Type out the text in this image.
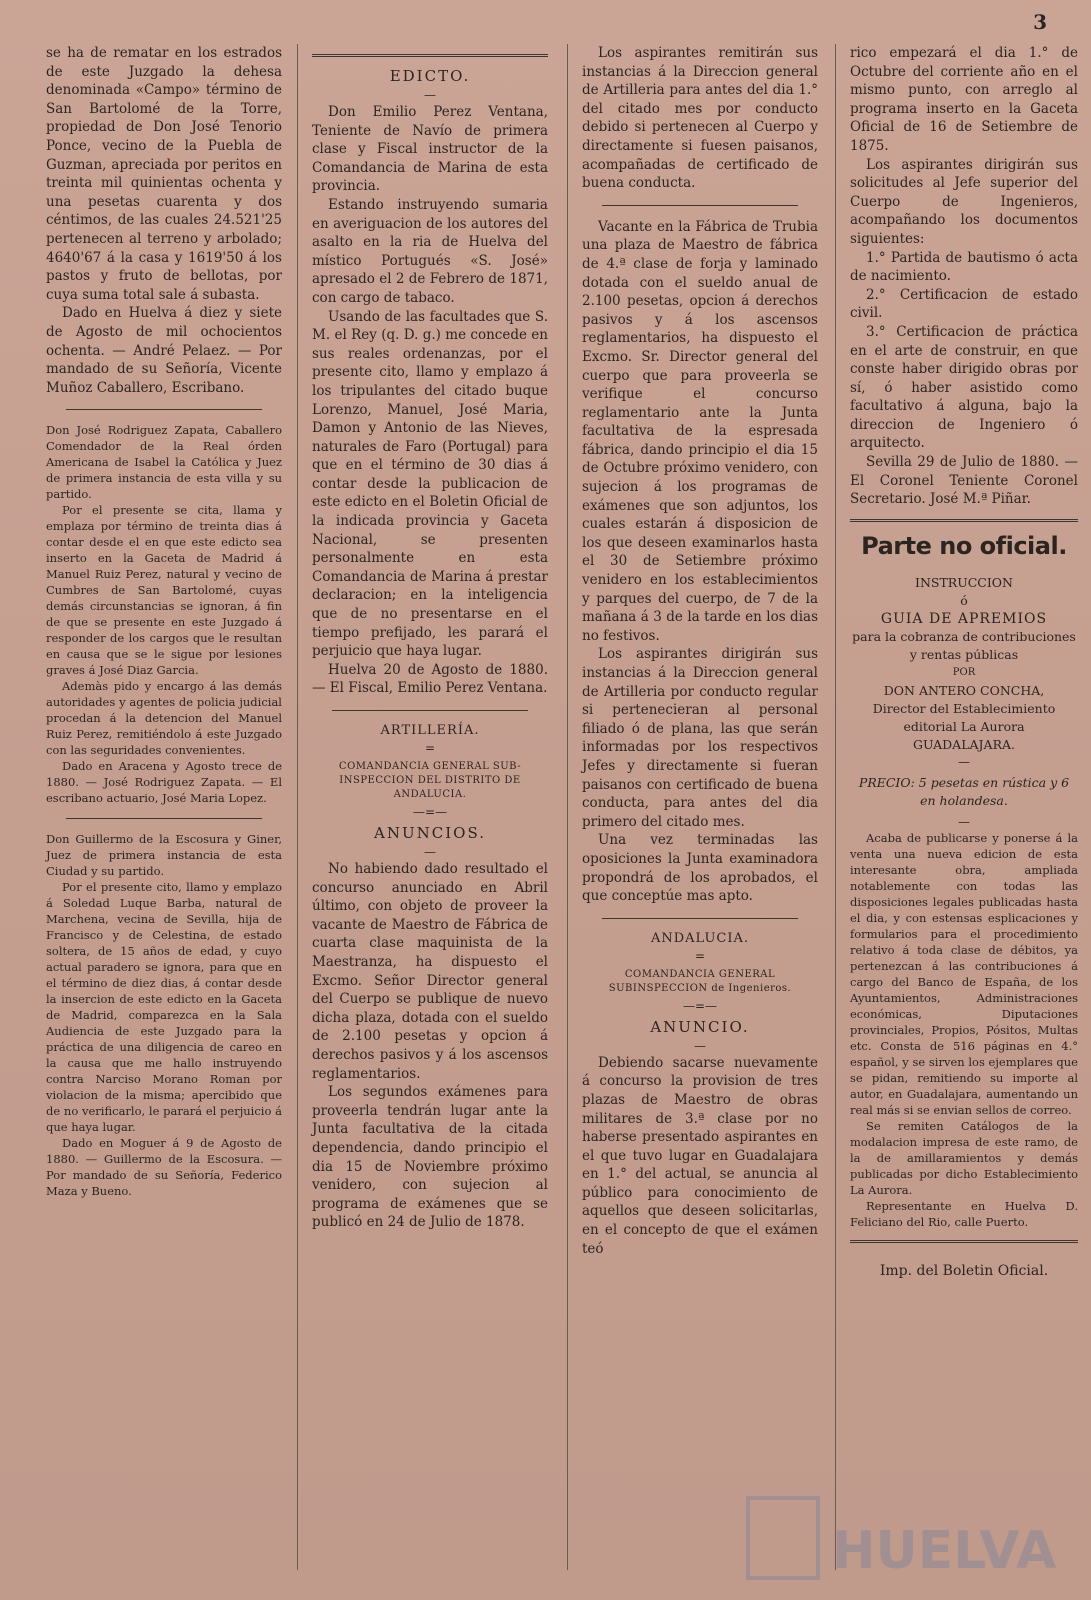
3

se ha de rematar en los estrados de este Juzgado la dehesa denominada «Campo» término de San Bartolomé de la Torre, propiedad de Don José Tenorio Ponce, vecino de la Puebla de Guzman, apreciada por peritos en treinta mil quinientas ochenta y una pesetas cuarenta y dos céntimos, de las cuales 24.521'25 pertenecen al terreno y arbolado; 4640'67 á la casa y 1619'50 á los pastos y fruto de bellotas, por cuya suma total sale á subasta.

Dado en Huelva á diez y siete de Agosto de mil ochocientos ochenta. — André Pelaez. — Por mandado de su Señoría, Vicente Muñoz Caballero, Escribano.

Don José Rodriguez Zapata, Caballero Comendador de la Real órden Americana de Isabel la Católica y Juez de primera instancia de esta villa y su partido.

Por el presente se cita, llama y emplaza por término de treinta dias á contar desde el en que este edicto sea inserto en la Gaceta de Madrid á Manuel Ruiz Perez, natural y vecino de Cumbres de San Bartolomé, cuyas demás circunstancias se ignoran, á fin de que se presente en este Juzgado á responder de los cargos que le resultan en causa que se le sigue por lesiones graves á José Diaz Garcia.

Ademàs pido y encargo á las demás autoridades y agentes de policia judicial procedan á la detencion del Manuel Ruiz Perez, remitiéndolo á este Juzgado con las seguridades convenientes.

Dado en Aracena y Agosto trece de 1880. — José Rodriguez Zapata. — El escribano actuario, José Maria Lopez.

Don Guillermo de la Escosura y Giner, Juez de primera instancia de esta Ciudad y su partido.

Por el presente cito, llamo y emplazo á Soledad Luque Barba, natural de Marchena, vecina de Sevilla, hija de Francisco y de Celestina, de estado soltera, de 15 años de edad, y cuyo actual paradero se ignora, para que en el término de diez dias, á contar desde la insercion de este edicto en la Gaceta de Madrid, comparezca en la Sala Audiencia de este Juzgado para la práctica de una diligencia de careo en la causa que me hallo instruyendo contra Narciso Morano Roman por violacion de la misma; apercibido que de no verificarlo, le parará el perjuicio á que haya lugar.

Dado en Moguer á 9 de Agosto de 1880. — Guillermo de la Escosura. — Por mandado de su Señoría, Federico Maza y Bueno.

EDICTO.
—

Don Emilio Perez Ventana, Teniente de Navío de primera clase y Fiscal instructor de la Comandancia de Marina de esta provincia.

Estando instruyendo sumaria en averiguacion de los autores del asalto en la ria de Huelva del místico Portugués «S. José» apresado el 2 de Febrero de 1871, con cargo de tabaco.

Usando de las facultades que S. M. el Rey (q. D. g.) me concede en sus reales ordenanzas, por el presente cito, llamo y emplazo á los tripulantes del citado buque Lorenzo, Manuel, José Maria, Damon y Antonio de las Nieves, naturales de Faro (Portugal) para que en el término de 30 dias á contar desde la publicacion de este edicto en el Boletin Oficial de la indicada provincia y Gaceta Nacional, se presenten personalmente en esta Comandancia de Marina á prestar declaracion; en la inteligencia que de no presentarse en el tiempo prefijado, les parará el perjuicio que haya lugar.

Huelva 20 de Agosto de 1880. — El Fiscal, Emilio Perez Ventana.

ARTILLERÍA.
=
COMANDANCIA GENERAL SUB-INSPECCION DEL DISTRITO DE ANDALUCIA.
—=—
ANUNCIOS.
—

No habiendo dado resultado el concurso anunciado en Abril último, con objeto de proveer la vacante de Maestro de Fábrica de cuarta clase maquinista de la Maestranza, ha dispuesto el Excmo. Señor Director general del Cuerpo se publique de nuevo dicha plaza, dotada con el sueldo de 2.100 pesetas y opcion á derechos pasivos y á los ascensos reglamentarios.

Los segundos exámenes para proveerla tendrán lugar ante la Junta facultativa de la citada dependencia, dando principio el dia 15 de Noviembre próximo venidero, con sujecion al programa de exámenes que se publicó en 24 de Julio de 1878.

Los aspirantes remitirán sus instancias á la Direccion general de Artilleria para antes del dia 1.° del citado mes por conducto debido si pertenecen al Cuerpo y directamente si fuesen paisanos, acompañadas de certificado de buena conducta.

Vacante en la Fábrica de Trubia una plaza de Maestro de fábrica de 4.ª clase de forja y laminado dotada con el sueldo anual de 2.100 pesetas, opcion á derechos pasivos y á los ascensos reglamentarios, ha dispuesto el Excmo. Sr. Director general del cuerpo que para proveerla se verifique el concurso reglamentario ante la Junta facultativa de la espresada fábrica, dando principio el dia 15 de Octubre próximo venidero, con sujecion á los programas de exámenes que son adjuntos, los cuales estarán á disposicion de los que deseen examinarlos hasta el 30 de Setiembre próximo venidero en los establecimientos y parques del cuerpo, de 7 de la mañana á 3 de la tarde en los dias no festivos.

Los aspirantes dirigirán sus instancias á la Direccion general de Artilleria por conducto regular si pertenecieran al personal filiado ó de plana, las que serán informadas por los respectivos Jefes y directamente si fueran paisanos con certificado de buena conducta, para antes del dia primero del citado mes.

Una vez terminadas las oposiciones la Junta examinadora propondrá de los aprobados, el que conceptúe mas apto.

ANDALUCIA.
=
COMANDANCIA GENERAL SUBINSPECCION de Ingenieros.
—=—
ANUNCIO.
—

Debiendo sacarse nuevamente á concurso la provision de tres plazas de Maestro de obras militares de 3.ª clase por no haberse presentado aspirantes en el que tuvo lugar en Guadalajara en 1.° del actual, se anuncia al público para conocimiento de aquellos que deseen solicitarlas, en el concepto de que el exámen teó

rico empezará el dia 1.° de Octubre del corriente año en el mismo punto, con arreglo al programa inserto en la Gaceta Oficial de 16 de Setiembre de 1875.

Los aspirantes dirigirán sus solicitudes al Jefe superior del Cuerpo de Ingenieros, acompañando los documentos siguientes:

1.° Partida de bautismo ó acta de nacimiento.

2.° Certificacion de estado civil.

3.° Certificacion de práctica en el arte de construir, en que conste haber dirigido obras por sí, ó haber asistido como facultativo á alguna, bajo la direccion de Ingeniero ó arquitecto.

Sevilla 29 de Julio de 1880. — El Coronel Teniente Coronel Secretario. José M.ª Piñar.

Parte no oficial.
INSTRUCCION
ó
GUIA DE APREMIOS
para la cobranza de contribuciones y rentas públicas
POR
DON ANTERO CONCHA,
Director del Establecimiento editorial La Aurora
GUADALAJARA.
—
PRECIO: 5 pesetas en rústica y 6 en holandesa.
—

Acaba de publicarse y ponerse á la venta una nueva edicion de esta interesante obra, ampliada notablemente con todas las disposiciones legales publicadas hasta el dia, y con estensas esplicaciones y formularios para el procedimiento relativo á toda clase de débitos, ya pertenezcan á las contribuciones á cargo del Banco de España, de los Ayuntamientos, Administraciones económicas, Diputaciones provinciales, Propios, Pósitos, Multas etc. Consta de 516 páginas en 4.° español, y se sirven los ejemplares que se pidan, remitiendo su importe al autor, en Guadalajara, aumentando un real más si se envian sellos de correo.

Se remiten Catálogos de la modalacion impresa de este ramo, de la de amillaramientos y demás publicadas por dicho Establecimiento La Aurora.

Representante en Huelva D. Feliciano del Rio, calle Puerto.

Imp. del Boletin Oficial.
HUELVA
